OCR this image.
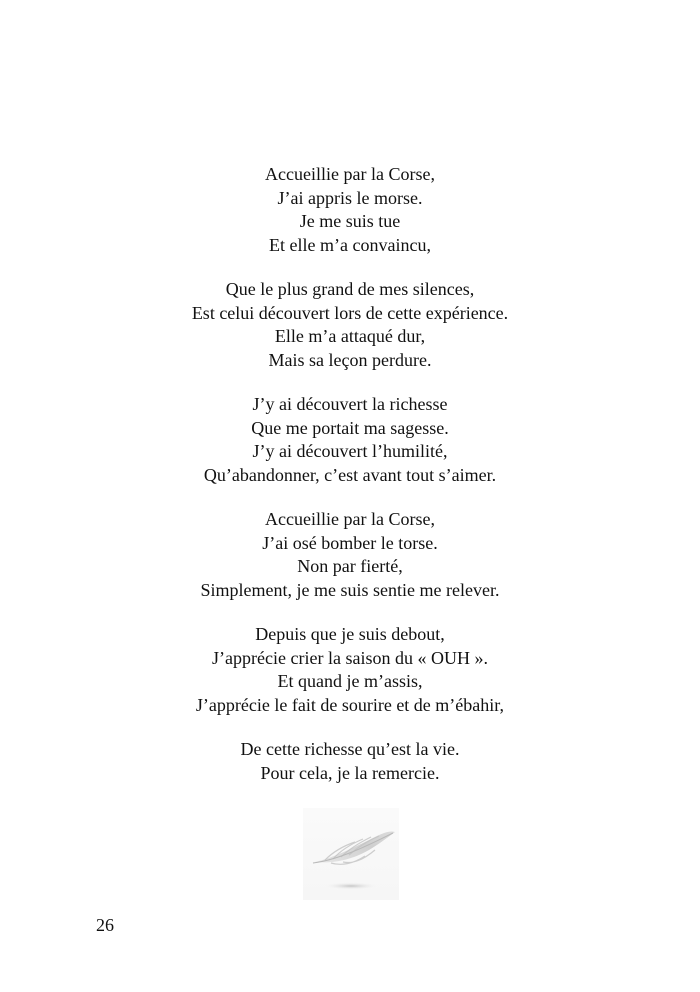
Accueillie par la Corse,
J’ai appris le morse.
Je me suis tue
Et elle m’a convaincu,
Que le plus grand de mes silences,
Est celui découvert lors de cette expérience.
Elle m’a attaqué dur,
Mais sa leçon perdure.
J’y ai découvert la richesse
Que me portait ma sagesse.
J’y ai découvert l’humilité,
Qu’abandonner, c’est avant tout s’aimer.
Accueillie par la Corse,
J’ai osé bomber le torse.
Non par fierté,
Simplement, je me suis sentie me relever.
Depuis que je suis debout,
J’apprécie crier la saison du « OUH ».
Et quand je m’assis,
J’apprécie le fait de sourire et de m’ébahir,
De cette richesse qu’est la vie.
Pour cela, je la remercie.
26
